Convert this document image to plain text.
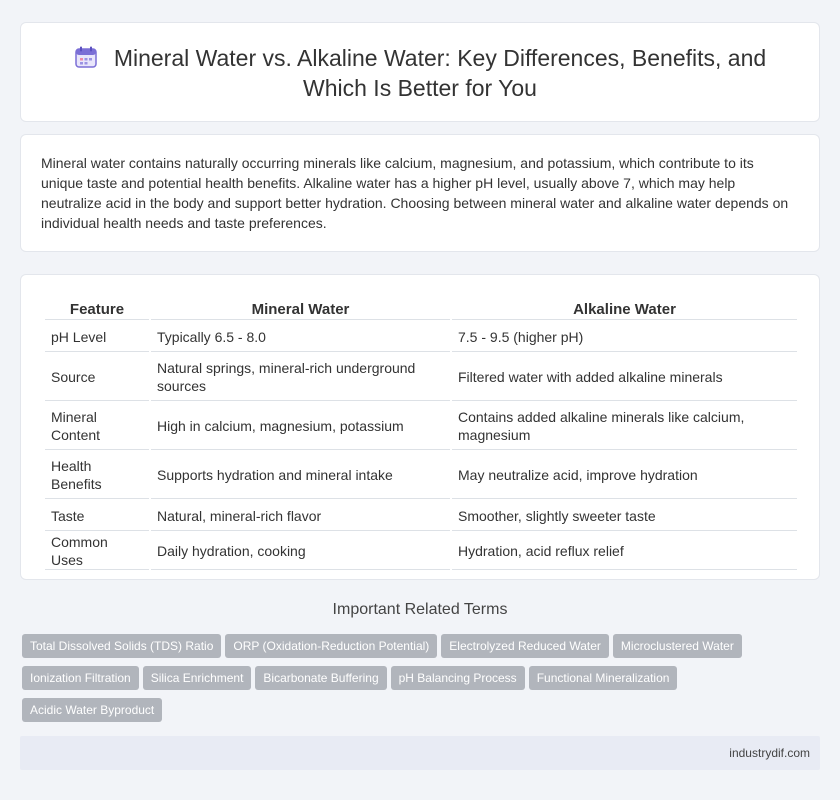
Mineral Water vs. Alkaline Water: Key Differences, Benefits, and
Which Is Better for You

Mineral water contains naturally occurring minerals like calcium, magnesium, and potassium, which contribute to its unique taste and potential health benefits. Alkaline water has a higher pH level, usually above 7, which may help neutralize acid in the body and support better hydration. Choosing between mineral water and alkaline water depends on individual health needs and taste preferences.

Feature	Mineral Water	Alkaline Water
pH Level	Typically 6.5 - 8.0	7.5 - 9.5 (higher pH)
Source	Natural springs, mineral-rich underground sources	Filtered water with added alkaline minerals
Mineral Content	High in calcium, magnesium, potassium	Contains added alkaline minerals like calcium, magnesium
Health Benefits	Supports hydration and mineral intake	May neutralize acid, improve hydration
Taste	Natural, mineral-rich flavor	Smoother, slightly sweeter taste
Common Uses	Daily hydration, cooking	Hydration, acid reflux relief
Important Related Terms
Total Dissolved Solids (TDS) Ratio	ORP (Oxidation-Reduction Potential)	Electrolyzed Reduced Water	Microclustered Water
Ionization Filtration	Silica Enrichment	Bicarbonate Buffering	pH Balancing Process	Functional Mineralization
Acidic Water Byproduct
industrydif.com
